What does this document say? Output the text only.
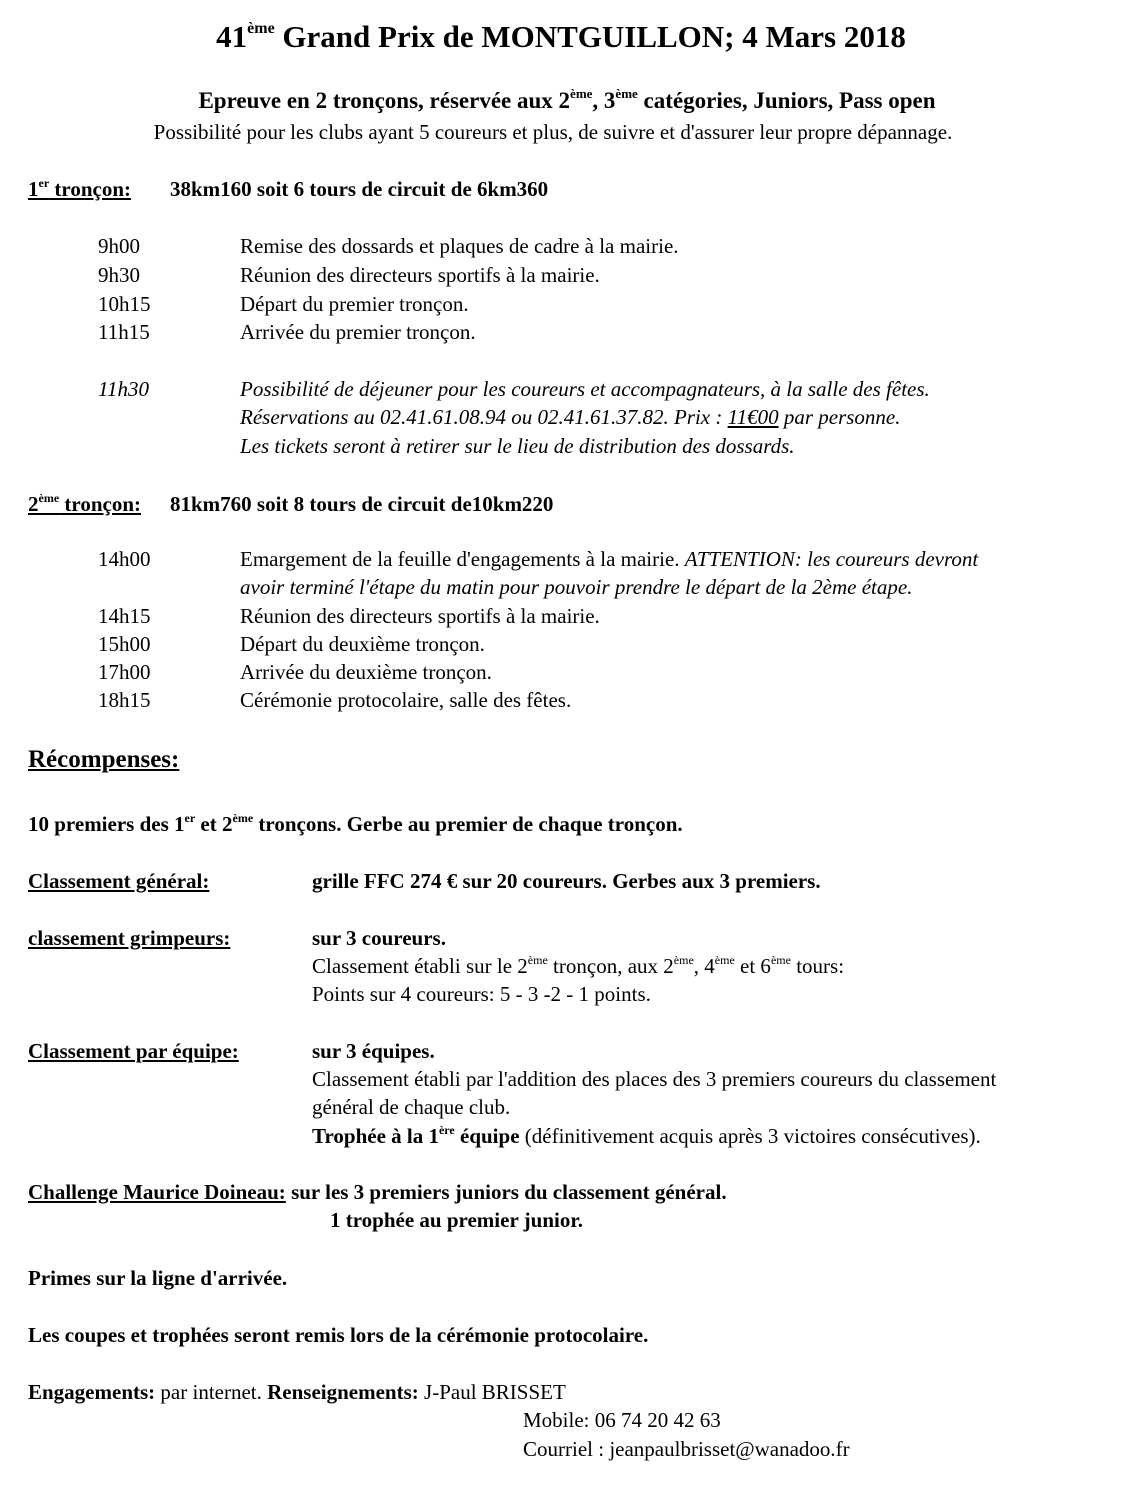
41ème Grand Prix de MONTGUILLON; 4 Mars 2018
Epreuve en 2 tronçons, réservée aux 2ème, 3ème catégories, Juniors, Pass open
Possibilité pour les clubs ayant 5 coureurs et plus, de suivre et d'assurer leur propre dépannage.
1er tronçon: 38km160 soit 6 tours de circuit de 6km360
9h00	Remise des dossards et plaques de cadre à la mairie.
9h30	Réunion des directeurs sportifs à la mairie.
10h15	Départ du premier tronçon.
11h15	Arrivée du premier tronçon.
11h30	Possibilité de déjeuner pour les coureurs et accompagnateurs, à la salle des fêtes.
Réservations au 02.41.61.08.94 ou 02.41.61.37.82. Prix : 11€00 par personne.
Les tickets seront à retirer sur le lieu de distribution des dossards.
2ème tronçon: 81km760 soit 8 tours de circuit de10km220
14h00	Emargement de la feuille d'engagements à la mairie. ATTENTION: les coureurs devront
avoir terminé l'étape du matin pour pouvoir prendre le départ de la 2ème étape.
14h15	Réunion des directeurs sportifs à la mairie.
15h00	Départ du deuxième tronçon.
17h00	Arrivée du deuxième tronçon.
18h15	Cérémonie protocolaire, salle des fêtes.
Récompenses:
10 premiers des 1er et 2ème tronçons. Gerbe au premier de chaque tronçon.
Classement général:	grille FFC 274 € sur 20 coureurs. Gerbes aux 3 premiers.
classement grimpeurs:	sur 3 coureurs.
Classement établi sur le 2ème tronçon, aux 2ème, 4ème et 6ème tours:
Points sur 4 coureurs: 5 - 3 -2 - 1 points.
Classement par équipe:	sur 3 équipes.
Classement établi par l'addition des places des 3 premiers coureurs du classement
général de chaque club.
Trophée à la 1ère équipe (définitivement acquis après 3 victoires consécutives).
Challenge Maurice Doineau: sur les 3 premiers juniors du classement général.
1 trophée au premier junior.
Primes sur la ligne d'arrivée.
Les coupes et trophées seront remis lors de la cérémonie protocolaire.
Engagements: par internet. Renseignements: J-Paul BRISSET
Mobile: 06 74 20 42 63
Courriel : jeanpaulbrisset@wanadoo.fr
